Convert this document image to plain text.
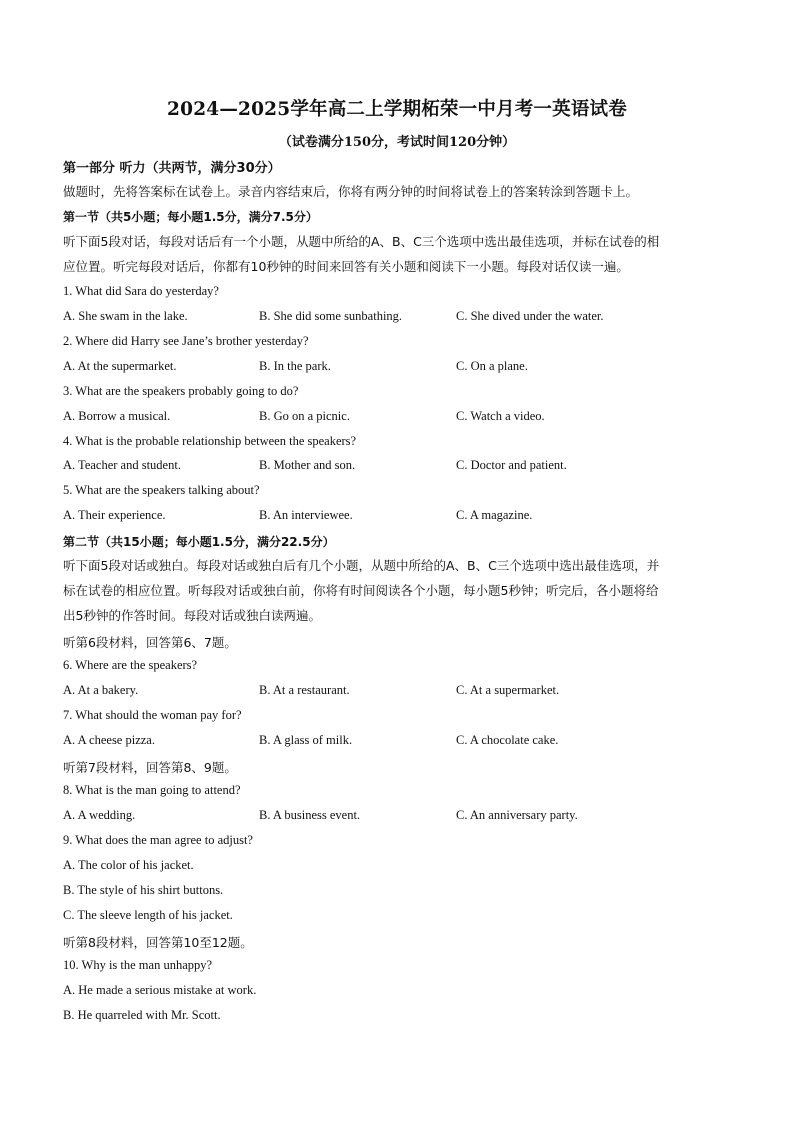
2024—2025学年高二上学期柘荣一中月考一英语试卷
（试卷满分150分，考试时间120分钟）
第一部分 听力（共两节，满分30分）
做题时，先将答案标在试卷上。录音内容结束后，你将有两分钟的时间将试卷上的答案转涂到答题卡上。
第一节（共5小题；每小题1.5分，满分7.5分）
听下面5段对话，每段对话后有一个小题，从题中所给的A、B、C三个选项中选出最佳选项，并标在试卷的相
应位置。听完每段对话后，你都有10秒钟的时间来回答有关小题和阅读下一小题。每段对话仅读一遍。
1. What did Sara do yesterday?
A. She swam in the lake.	B. She did some sunbathing.	C. She dived under the water.
2. Where did Harry see Jane’s brother yesterday?
A. At the supermarket.	B. In the park.	C. On a plane.
3. What are the speakers probably going to do?
A. Borrow a musical.	B. Go on a picnic.	C. Watch a video.
4. What is the probable relationship between the speakers?
A. Teacher and student.	B. Mother and son.	C. Doctor and patient.
5. What are the speakers talking about?
A. Their experience.	B. An interviewee.	C. A magazine.
第二节（共15小题；每小题1.5分，满分22.5分）
听下面5段对话或独白。每段对话或独白后有几个小题，从题中所给的A、B、C三个选项中选出最佳选项，并
标在试卷的相应位置。听每段对话或独白前，你将有时间阅读各个小题，每小题5秒钟；听完后，各小题将给
出5秒钟的作答时间。每段对话或独白读两遍。
听第6段材料，回答第6、7题。
6. Where are the speakers?
A. At a bakery.	B. At a restaurant.	C. At a supermarket.
7. What should the woman pay for?
A. A cheese pizza.	B. A glass of milk.	C. A chocolate cake.
听第7段材料，回答第8、9题。
8. What is the man going to attend?
A. A wedding.	B. A business event.	C. An anniversary party.
9. What does the man agree to adjust?
A. The color of his jacket.
B. The style of his shirt buttons.
C. The sleeve length of his jacket.
听第8段材料，回答第10至12题。
10. Why is the man unhappy?
A. He made a serious mistake at work.
B. He quarreled with Mr. Scott.
